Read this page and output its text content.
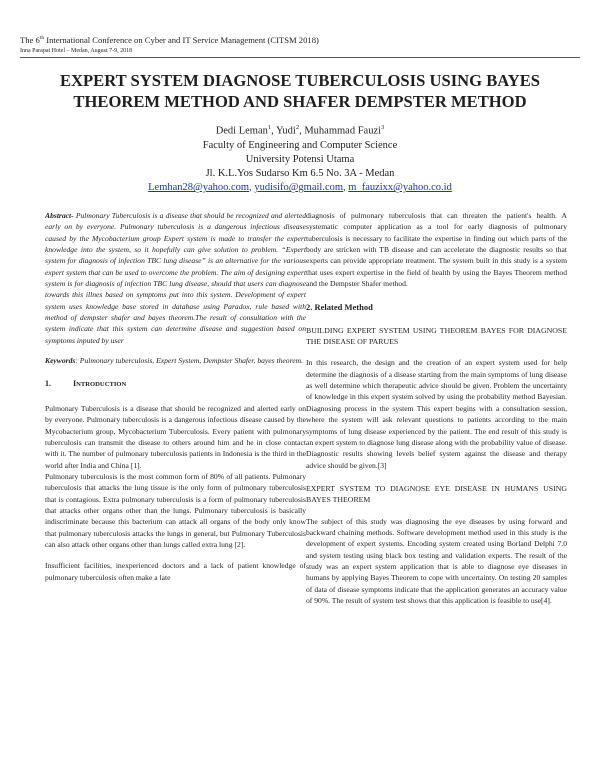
The 6th International Conference on Cyber and IT Service Management (CITSM 2018)
Inna Parapat Hotel – Medan, August 7-9, 2018
EXPERT SYSTEM DIAGNOSE TUBERCULOSIS USING BAYES
THEOREM METHOD AND SHAFER DEMPSTER METHOD
Dedi Leman$^1$, Yudi$^2$, Muhammad Fauzi$^3$
Faculty of Engineering and Computer Science
University Potensi Utama
Jl. K.L.Yos Sudarso Km 6.5 No. 3A - Medan
Lemhan28@yahoo.com, yudisifo@gmail.com, m_fauzixx@yahoo.co.id

Abstract- Pulmonary Tuberculosis is a disease that should be recognized and alerted early on by everyone. Pulmonary tuberculosis is a dangerous infectious disease caused by the Mycobacterium group Expert system is made to transfer the expert knowledge into the system, so it hopefully can give solution to problem. “Expert system for diagnosis of infection TBC lung disease” is an alternative for the various expert system that can be used to overcome the problem. The aim of designing expert system is for diagnosis of infection TBC lung disease, should that users can diagnose towards this illnes based on symptoms put into this system. Development of expert system uses knowledge base stored in database using Paradox, rule based with method of dempster shafer and bayes theorem.The result of consultation with the system indicate that this system can determine disease and suggestion based on symptoms inputed by user

Keywords: Pulmonary tuberculosis, Expert System, Dempster Shafer, bayes theorem.

1.	INTRODUCTION

Pulmonary Tuberculosis is a disease that should be recognized and alerted early on by everyone. Pulmonary tuberculosis is a dangerous infectious disease caused by the Mycobacterium group, Mycobacterium Tuberculosis. Every patient with pulmonary tuberculosis can transmit the disease to others around him and he in close contact with it. The number of pulmonary tuberculosis patients in Indonesia is the third in the world after India and China [1].

Pulmonary tuberculosis is the most common form of 80% of all patients. Pulmonary tuberculosis that attacks the lung tissue is the only form of pulmonary tuberculosis that is contagious. Extra pulmonary tuberculosis is a form of pulmonary tuberculosis that attacks other organs other than the lungs. Pulmonary tuberculosis is basically indiscriminate because this bacterium can attack all organs of the body only know that pulmonary tuberculosis attacks the lungs in general, but Pulmonary Tuberculosis can also attack other organs other than lungs called extra lung [2].

Insufficient facilities, inexperienced doctors and a lack of patient knowledge of pulmonary tuberculosis often make a late

diagnosis of pulmonary tuberculosis that can threaten the patient's health. A systematic computer application as a tool for early diagnosis of pulmonary tuberculosis is necessary to facilitate the expertise in finding out which parts of the body are stricken with TB disease and can accelerate the diagnostic results so that experts can provide appropriate treatment. The system built in this study is a system that uses expert expertise in the field of health by using the Bayes Theorem method and the Dempster Shafer method.

2. Related Method

BUILDING EXPERT SYSTEM USING THEOREM BAYES FOR DIAGNOSE THE DISEASE OF PARUES

In this research, the design and the creation of an expert system used for help determine the diagnosis of a disease starting from the main symptoms of lung disease as well determine which therapeutic advice should be given. Problem the uncertainty of knowledge in this expert system solved by using the probability method Bayesian. Diagnosing process in the system This expert begins with a consultation session, where the system will ask relevant questions to patients according to the main symptoms of lung disease experienced by the patient. The end result of this study is an expert system to diagnose lung disease along with the probability value of disease. Diagnostic results showing levels belief system against the disease and therapy advice should be given.[3]

EXPERT SYSTEM TO DIAGNOSE EYE DISEASE IN HUMANS USING BAYES THEOREM

The subject of this study was diagnosing the eye diseases by using forward and backward chaining methods. Software development method used in this study is the development of expert systems. Encoding system created using Borland Delphi 7.0 and system testing using black box testing and validation experts. The result of the study was an expert system application that is able to diagnose eye diseases in humans by applying Bayes Theorem to cope with uncertainty. On testing 20 samples of data of disease symptoms indicate that the application generates an accuracy value of 90%. The result of system test shows that this application is feasible to use[4].
